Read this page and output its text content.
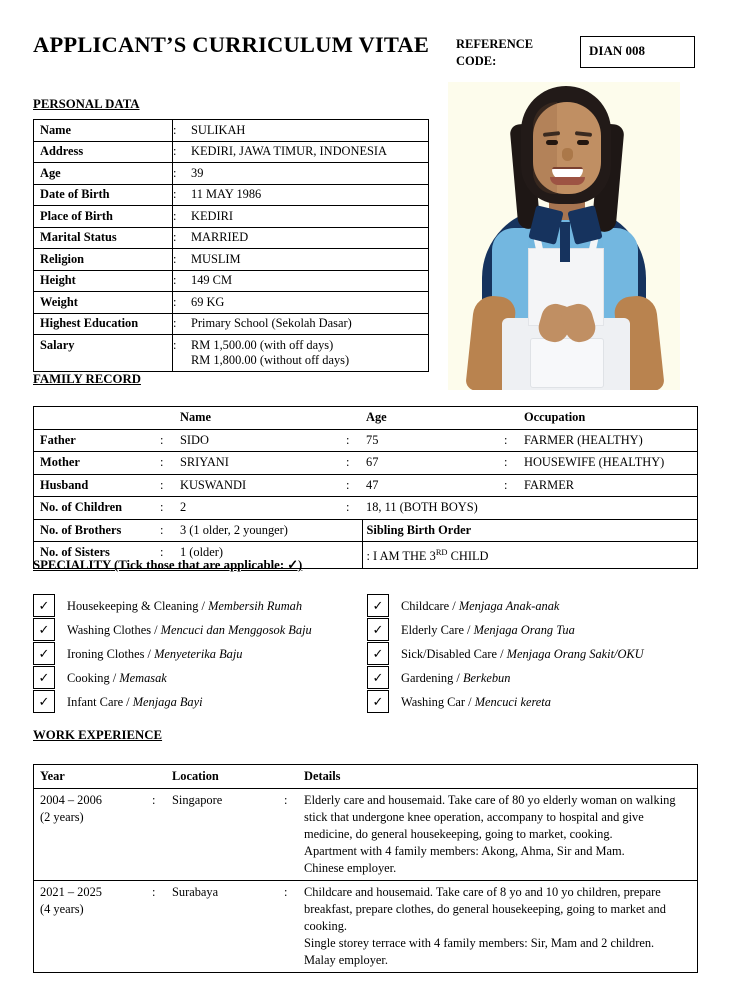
APPLICANT’S CURRICULUM VITAE REFERENCE CODE:
DIAN 008
PERSONAL DATA
Name	:	SULIKAH
Address	:	KEDIRI, JAWA TIMUR, INDONESIA
Age	:	39
Date of Birth	:	11 MAY 1986
Place of Birth	:	KEDIRI
Marital Status	:	MARRIED
Religion	:	MUSLIM
Height	:	149 CM
Weight	:	69 KG
Highest Education	:	Primary School (Sekolah Dasar)
Salary	:	RM 1,500.00 (with off days)
RM 1,800.00 (without off days)
FAMILY RECORD
		Name		Age		Occupation
Father	:	SIDO	:	75	:	FARMER (HEALTHY)
Mother	:	SRIYANI	:	67	:	HOUSEWIFE (HEALTHY)
Husband	:	KUSWANDI	:	47	:	FARMER
No. of Children	:	2	:	18, 11 (BOTH BOYS)		
No. of Brothers	:	3 (1 older, 2 younger)		Sibling Birth Order		
No. of Sisters	:	1 (older)		: I AM THE 3RD CHILD		
SPECIALITY (Tick those that are applicable: ✓)
✓	Housekeeping & Cleaning / Membersih Rumah
✓	Washing Clothes / Mencuci dan Menggosok Baju
✓	Ironing Clothes / Menyeterika Baju
✓	Cooking / Memasak
✓	Infant Care / Menjaga Bayi
✓	Childcare / Menjaga Anak-anak
✓	Elderly Care / Menjaga Orang Tua
✓	Sick/Disabled Care / Menjaga Orang Sakit/OKU
✓	Gardening / Berkebun
✓	Washing Car / Mencuci kereta
WORK EXPERIENCE
Year		Location		Details

2004 – 2006
(2 years)
	:	Singapore	:	Elderly care and housemaid. Take care of 80 yo elderly woman on walking stick that undergone knee operation, accompany to hospital and give medicine, do general housekeeping, going to market, cooking.
Apartment with 4 family members: Akong, Ahma, Sir and Mam.
Chinese employer.

2021 – 2025
(4 years)
	:	Surabaya	:	Childcare and housemaid. Take care of 8 yo and 10 yo children, prepare breakfast, prepare clothes, do general housekeeping, going to market and cooking.
Single storey terrace with 4 family members: Sir, Mam and 2 children.
Malay employer.
